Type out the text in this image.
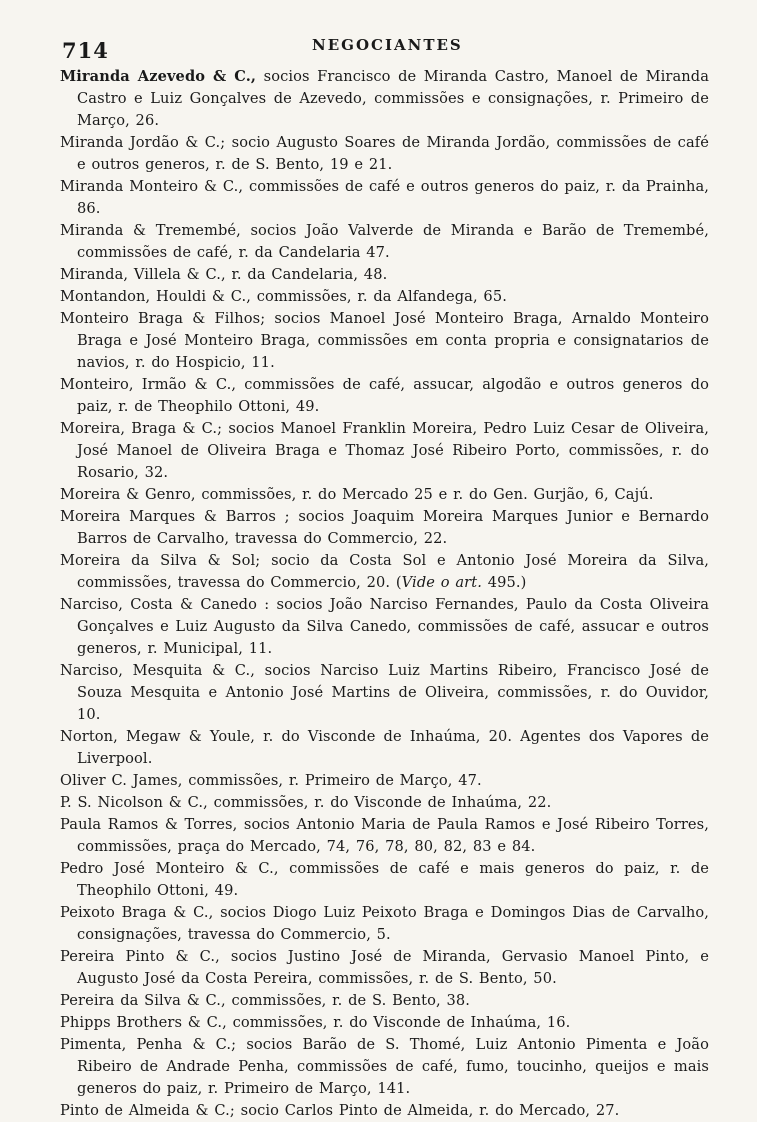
714	NEGOCIANTES

Miranda Azevedo & C., socios Francisco de Miranda Castro, Manoel de Miranda Castro e Luiz Gonçalves de Azevedo, commissões e consignações, r. Primeiro de Março, 26.

Miranda Jordão & C.; socio Augusto Soares de Miranda Jordão, commissões de café e outros generos, r. de S. Bento, 19 e 21.

Miranda Monteiro & C., commissões de café e outros generos do paiz, r. da Prainha, 86.

Miranda & Tremembé, socios João Valverde de Miranda e Barão de Tremembé, commissões de café, r. da Candelaria 47.

Miranda, Villela & C., r. da Candelaria, 48.

Montandon, Houldi & C., commissões, r. da Alfandega, 65.

Monteiro Braga & Filhos; socios Manoel José Monteiro Braga, Arnaldo Monteiro Braga e José Monteiro Braga, commissões em conta propria e consignatarios de navios, r. do Hospicio, 11.

Monteiro, Irmão & C., commissões de café, assucar, algodão e outros generos do paiz, r. de Theophilo Ottoni, 49.

Moreira, Braga & C.; socios Manoel Franklin Moreira, Pedro Luiz Cesar de Oliveira, José Manoel de Oliveira Braga e Thomaz José Ribeiro Porto, commissões, r. do Rosario, 32.

Moreira & Genro, commissões, r. do Mercado 25 e r. do Gen. Gurjão, 6, Cajú.

Moreira Marques & Barros ; socios Joaquim Moreira Marques Junior e Bernardo Barros de Carvalho, travessa do Commercio, 22.

Moreira da Silva & Sol; socio da Costa Sol e Antonio José Moreira da Silva, commissões, travessa do Commercio, 20. (Vide o art. 495.)

Narciso, Costa & Canedo : socios João Narciso Fernandes, Paulo da Costa Oliveira Gonçalves e Luiz Augusto da Silva Canedo, commissões de café, assucar e outros generos, r. Municipal, 11.

Narciso, Mesquita & C., socios Narciso Luiz Martins Ribeiro, Francisco José de Souza Mesquita e Antonio José Martins de Oliveira, commissões, r. do Ouvidor, 10.

Norton, Megaw & Youle, r. do Visconde de Inhaúma, 20. Agentes dos Vapores de Liverpool.

Oliver C. James, commissões, r. Primeiro de Março, 47.

P. S. Nicolson & C., commissões, r. do Visconde de Inhaúma, 22.

Paula Ramos & Torres, socios Antonio Maria de Paula Ramos e José Ribeiro Torres, commissões, praça do Mercado, 74, 76, 78, 80, 82, 83 e 84.

Pedro José Monteiro & C., commissões de café e mais generos do paiz, r. de Theophilo Ottoni, 49.

Peixoto Braga & C., socios Diogo Luiz Peixoto Braga e Domingos Dias de Carvalho, consignações, travessa do Commercio, 5.

Pereira Pinto & C., socios Justino José de Miranda, Gervasio Manoel Pinto, e Augusto José da Costa Pereira, commissões, r. de S. Bento, 50.

Pereira da Silva & C., commissões, r. de S. Bento, 38.

Phipps Brothers & C., commissões, r. do Visconde de Inhaúma, 16.

Pimenta, Penha & C.; socios Barão de S. Thomé, Luiz Antonio Pimenta e João Ribeiro de Andrade Penha, commissões de café, fumo, toucinho, queijos e mais generos do paiz, r. Primeiro de Março, 141.

Pinto de Almeida & C.; socio Carlos Pinto de Almeida, r. do Mercado, 27.
